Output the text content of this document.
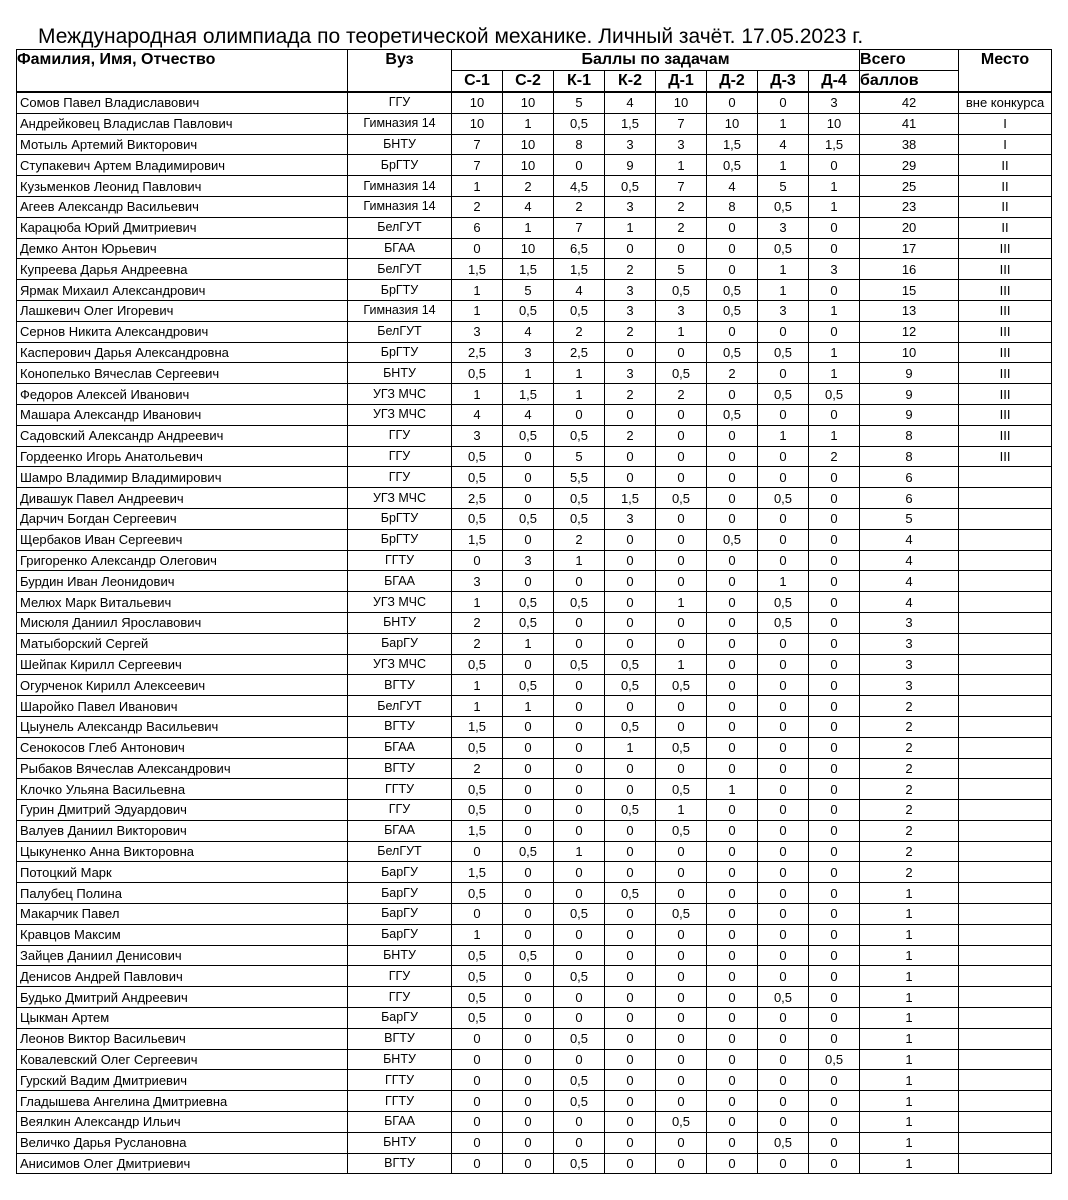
Международная олимпиада по теоретической механике. Личный зачёт. 17.05.2023 г.
Фамилия, Имя, Отчество	Вуз	Баллы по задачам								Всего	Место
		С-1	С-2	К-1	К-2	Д-1	Д-2	Д-3	Д-4	баллов	
Сомов Павел Владиславович	ГГУ	10	10	5	4	10	0	0	3	42	вне конкурса
Андрейковец Владислав Павлович	Гимназия 14	10	1	0,5	1,5	7	10	1	10	41	I
Мотыль Артемий Викторович	БНТУ	7	10	8	3	3	1,5	4	1,5	38	I
Ступакевич Артем Владимирович	БрГТУ	7	10	0	9	1	0,5	1	0	29	II
Кузьменков Леонид Павлович	Гимназия 14	1	2	4,5	0,5	7	4	5	1	25	II
Агеев Александр Васильевич	Гимназия 14	2	4	2	3	2	8	0,5	1	23	II
Карацюба Юрий Дмитриевич	БелГУТ	6	1	7	1	2	0	3	0	20	II
Демко Антон Юрьевич	БГАА	0	10	6,5	0	0	0	0,5	0	17	III
Купреева Дарья Андреевна	БелГУТ	1,5	1,5	1,5	2	5	0	1	3	16	III
Ярмак Михаил Александрович	БрГТУ	1	5	4	3	0,5	0,5	1	0	15	III
Лашкевич Олег Игоревич	Гимназия 14	1	0,5	0,5	3	3	0,5	3	1	13	III
Сернов Никита Александрович	БелГУТ	3	4	2	2	1	0	0	0	12	III
Касперович Дарья Александровна	БрГТУ	2,5	3	2,5	0	0	0,5	0,5	1	10	III
Конопелько Вячеслав Сергеевич	БНТУ	0,5	1	1	3	0,5	2	0	1	9	III
Федоров Алексей Иванович	УГЗ МЧС	1	1,5	1	2	2	0	0,5	0,5	9	III
Машара Александр Иванович	УГЗ МЧС	4	4	0	0	0	0,5	0	0	9	III
Садовский Александр Андреевич	ГГУ	3	0,5	0,5	2	0	0	1	1	8	III
Гордеенко Игорь Анатольевич	ГГУ	0,5	0	5	0	0	0	0	2	8	III
Шамро Владимир Владимирович	ГГУ	0,5	0	5,5	0	0	0	0	0	6	
Дивашук Павел Андреевич	УГЗ МЧС	2,5	0	0,5	1,5	0,5	0	0,5	0	6	
Дарчич Богдан Сергеевич	БрГТУ	0,5	0,5	0,5	3	0	0	0	0	5	
Щербаков Иван Сергеевич	БрГТУ	1,5	0	2	0	0	0,5	0	0	4	
Григоренко Александр Олегович	ГГТУ	0	3	1	0	0	0	0	0	4	
Бурдин Иван Леонидович	БГАА	3	0	0	0	0	0	1	0	4	
Мелюх Марк Витальевич	УГЗ МЧС	1	0,5	0,5	0	1	0	0,5	0	4	
Мисюля Даниил Ярославович	БНТУ	2	0,5	0	0	0	0	0,5	0	3	
Матыборский Сергей	БарГУ	2	1	0	0	0	0	0	0	3	
Шейпак Кирилл Сергеевич	УГЗ МЧС	0,5	0	0,5	0,5	1	0	0	0	3	
Огурченок Кирилл Алексеевич	ВГТУ	1	0,5	0	0,5	0,5	0	0	0	3	
Шаройко Павел Иванович	БелГУТ	1	1	0	0	0	0	0	0	2	
Цыунель Александр Васильевич	ВГТУ	1,5	0	0	0,5	0	0	0	0	2	
Сенокосов Глеб Антонович	БГАА	0,5	0	0	1	0,5	0	0	0	2	
Рыбаков Вячеслав Александрович	ВГТУ	2	0	0	0	0	0	0	0	2	
Клочко Ульяна Васильевна	ГГТУ	0,5	0	0	0	0,5	1	0	0	2	
Гурин Дмитрий Эдуардович	ГГУ	0,5	0	0	0,5	1	0	0	0	2	
Валуев Даниил Викторович	БГАА	1,5	0	0	0	0,5	0	0	0	2	
Цыкуненко Анна Викторовна	БелГУТ	0	0,5	1	0	0	0	0	0	2	
Потоцкий Марк	БарГУ	1,5	0	0	0	0	0	0	0	2	
Палубец Полина	БарГУ	0,5	0	0	0,5	0	0	0	0	1	
Макарчик Павел	БарГУ	0	0	0,5	0	0,5	0	0	0	1	
Кравцов Максим	БарГУ	1	0	0	0	0	0	0	0	1	
Зайцев Даниил Денисович	БНТУ	0,5	0,5	0	0	0	0	0	0	1	
Денисов Андрей Павлович	ГГУ	0,5	0	0,5	0	0	0	0	0	1	
Будько Дмитрий Андреевич	ГГУ	0,5	0	0	0	0	0	0,5	0	1	
Цыкман Артем	БарГУ	0,5	0	0	0	0	0	0	0	1	
Леонов Виктор Васильевич	ВГТУ	0	0	0,5	0	0	0	0	0	1	
Ковалевский Олег Сергеевич	БНТУ	0	0	0	0	0	0	0	0,5	1	
Гурский Вадим Дмитриевич	ГГТУ	0	0	0,5	0	0	0	0	0	1	
Гладышева Ангелина Дмитриевна	ГГТУ	0	0	0,5	0	0	0	0	0	1	
Веялкин Александр Ильич	БГАА	0	0	0	0	0,5	0	0	0	1	
Величко Дарья Руслановна	БНТУ	0	0	0	0	0	0	0,5	0	1	
Анисимов Олег Дмитриевич	ВГТУ	0	0	0,5	0	0	0	0	0	1	
